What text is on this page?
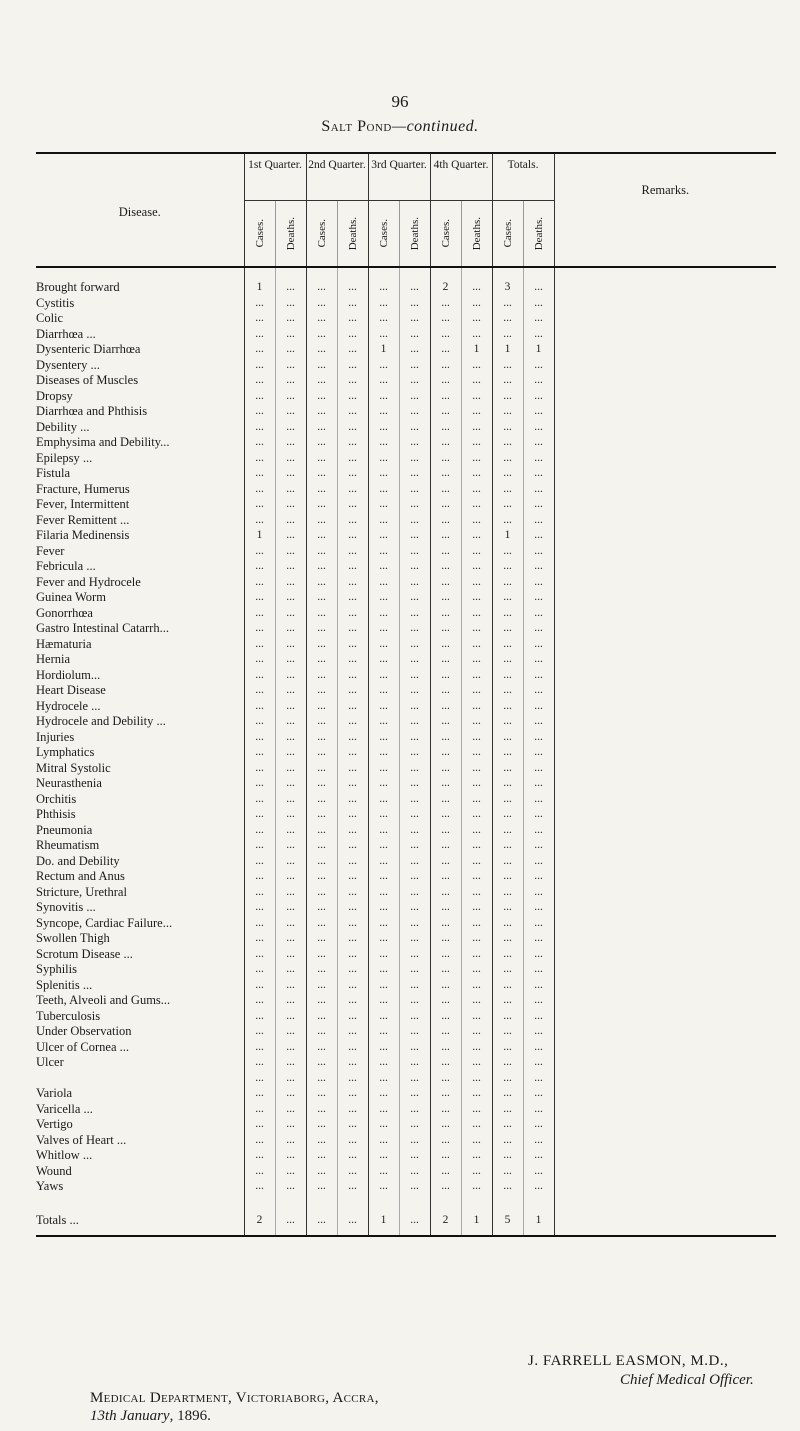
96
Salt Pond—continued.
Disease.	1st Quarter.		2nd Quarter.		3rd Quarter.		4th Quarter.		Totals.		Remarks.

	Cases.	Deaths.	Cases.	Deaths.	Cases.	Deaths.	Cases.	Deaths.	Cases.	Deaths.	

Brought forward	1	...	...	...	...	...	2	...	3	...	
Cystitis	...	...	...	...	...	...	...	...	...	...	
Colic	...	...	...	...	...	...	...	...	...	...	
Diarrhœa ...	...	...	...	...	...	...	...	...	...	...	
Dysenteric Diarrhœa	...	...	...	...	1	...	...	1	1	1	
Dysentery ...	...	...	...	...	...	...	...	...	...	...	
Diseases of Muscles	...	...	...	...	...	...	...	...	...	...	
Dropsy	...	...	...	...	...	...	...	...	...	...	
Diarrhœa and Phthisis	...	...	...	...	...	...	...	...	...	...	
Debility ...	...	...	...	...	...	...	...	...	...	...	
Emphysima and Debility...	...	...	...	...	...	...	...	...	...	...	
Epilepsy ...	...	...	...	...	...	...	...	...	...	...	
Fistula	...	...	...	...	...	...	...	...	...	...	
Fracture, Humerus	...	...	...	...	...	...	...	...	...	...	
Fever, Intermittent	...	...	...	...	...	...	...	...	...	...	
Fever Remittent ...	...	...	...	...	...	...	...	...	...	...	
Filaria Medinensis	1	...	...	...	...	...	...	...	1	...	
Fever	...	...	...	...	...	...	...	...	...	...	
Febricula ...	...	...	...	...	...	...	...	...	...	...	
Fever and Hydrocele	...	...	...	...	...	...	...	...	...	...	
Guinea Worm	...	...	...	...	...	...	...	...	...	...	
Gonorrhœa	...	...	...	...	...	...	...	...	...	...	
Gastro Intestinal Catarrh...	...	...	...	...	...	...	...	...	...	...	
Hæmaturia	...	...	...	...	...	...	...	...	...	...	
Hernia	...	...	...	...	...	...	...	...	...	...	
Hordiolum...	...	...	...	...	...	...	...	...	...	...	
Heart Disease	...	...	...	...	...	...	...	...	...	...	
Hydrocele ...	...	...	...	...	...	...	...	...	...	...	
Hydrocele and Debility ...	...	...	...	...	...	...	...	...	...	...	
Injuries	...	...	...	...	...	...	...	...	...	...	
Lymphatics	...	...	...	...	...	...	...	...	...	...	
Mitral Systolic	...	...	...	...	...	...	...	...	...	...	
Neurasthenia	...	...	...	...	...	...	...	...	...	...	
Orchitis	...	...	...	...	...	...	...	...	...	...	
Phthisis	...	...	...	...	...	...	...	...	...	...	
Pneumonia	...	...	...	...	...	...	...	...	...	...	
Rheumatism	...	...	...	...	...	...	...	...	...	...	
Do. and Debility	...	...	...	...	...	...	...	...	...	...	
Rectum and Anus	...	...	...	...	...	...	...	...	...	...	
Stricture, Urethral	...	...	...	...	...	...	...	...	...	...	
Synovitis ...	...	...	...	...	...	...	...	...	...	...	
Syncope, Cardiac Failure...	...	...	...	...	...	...	...	...	...	...	
Swollen Thigh	...	...	...	...	...	...	...	...	...	...	
Scrotum Disease ...	...	...	...	...	...	...	...	...	...	...	
Syphilis	...	...	...	...	...	...	...	...	...	...	
Splenitis ...	...	...	...	...	...	...	...	...	...	...	
Teeth, Alveoli and Gums...	...	...	...	...	...	...	...	...	...	...	
Tuberculosis	...	...	...	...	...	...	...	...	...	...	
Under Observation	...	...	...	...	...	...	...	...	...	...	
Ulcer of Cornea ...	...	...	...	...	...	...	...	...	...	...	
Ulcer	...	...	...	...	...	...	...	...	...	...	
	...	...	...	...	...	...	...	...	...	...	
Variola	...	...	...	...	...	...	...	...	...	...	
Varicella ...	...	...	...	...	...	...	...	...	...	...	
Vertigo	...	...	...	...	...	...	...	...	...	...	
Valves of Heart ...	...	...	...	...	...	...	...	...	...	...	
Whitlow ...	...	...	...	...	...	...	...	...	...	...	
Wound	...	...	...	...	...	...	...	...	...	...	
Yaws	...	...	...	...	...	...	...	...	...	...	

Totals ...	2	...	...	...	1	...	2	1	5	1	
J. FARRELL EASMON, M.D.,
Chief Medical Officer.
Medical Department, Victoriaborg, Accra,
13th January, 1896.
